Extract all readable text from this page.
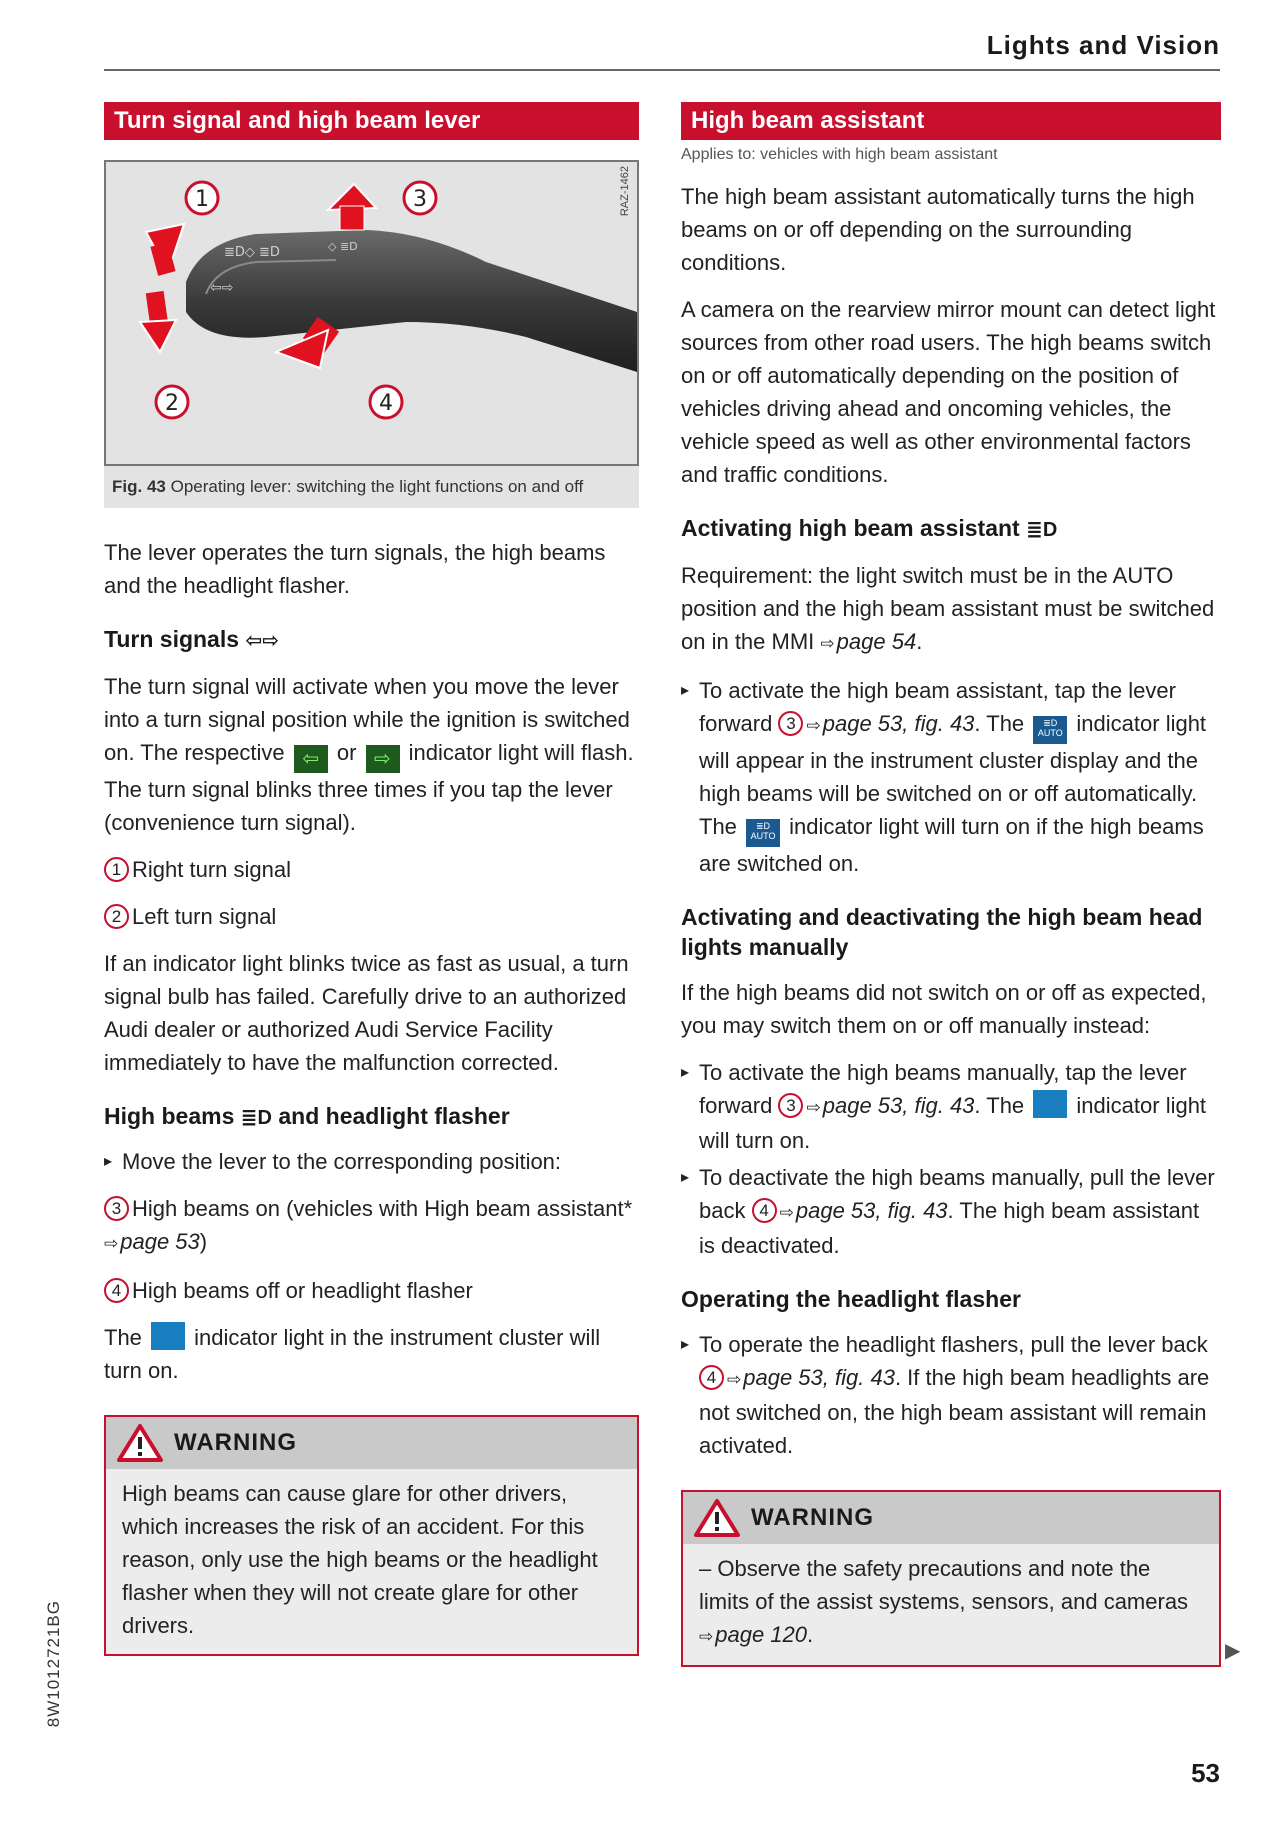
Lights and Vision
Turn signal and high beam lever
≣D◇ ≣D	◇ ≣D
⇦⇨
1
2
3
4
RAZ-1462
Fig. 43 Operating lever: switching the light functions on and off

The lever operates the turn signals, the high beams and the headlight flasher.

Turn signals ⇦⇨

The turn signal will activate when you move the lever into a turn signal position while the ignition is switched on. The respective ⇦ or ⇨ indicator light will flash. The turn signal blinks three times if you tap the lever (convenience turn signal).

1 Right turn signal
2 Left turn signal

If an indicator light blinks twice as fast as usual, a turn signal bulb has failed. Carefully drive to an authorized Audi dealer or authorized Audi Service Facility immediately to have the malfunction corrected.

High beams ≣D and headlight flasher
▸ Move the lever to the corresponding position:
3 High beams on (vehicles with High beam assistant* ⇨page 53)
4 High beams off or headlight flasher

The indicator light in the instrument cluster will turn on.

WARNING
High beams can cause glare for other drivers, which increases the risk of an accident. For this reason, only use the high beams or the headlight flasher when they will not create glare for other drivers.
High beam assistant
Applies to: vehicles with high beam assistant

The high beam assistant automatically turns the high beams on or off depending on the surrounding conditions.

A camera on the rearview mirror mount can detect light sources from other road users. The high beams switch on or off automatically depending on the position of vehicles driving ahead and oncoming vehicles, the vehicle speed as well as other environmental factors and traffic conditions.

Activating high beam assistant ≣D

Requirement: the light switch must be in the AUTO position and the high beam assistant must be switched on in the MMI ⇨page 54.

▸ To activate the high beam assistant, tap the lever forward 3 ⇨page 53, fig. 43. The ≣D
AUTO indicator light will appear in the instrument cluster display and the high beams will be switched on or off automatically. The ≣D
AUTO indicator light will turn on if the high beams are switched on.
Activating and deactivating the high beam head lights manually

If the high beams did not switch on or off as expected, you may switch them on or off manually instead:

▸ To activate the high beams manually, tap the lever forward 3 ⇨page 53, fig. 43. The indicator light will turn on.
▸ To deactivate the high beams manually, pull the lever back 4 ⇨page 53, fig. 43. The high beam assistant is deactivated.
Operating the headlight flasher
▸ To operate the headlight flashers, pull the lever back 4 ⇨page 53, fig. 43. If the high beam headlights are not switched on, the high beam assistant will remain activated.
WARNING
– Observe the safety precautions and note the limits of the assist systems, sensors, and cameras ⇨page 120.
8W1012721BG	▶
53
